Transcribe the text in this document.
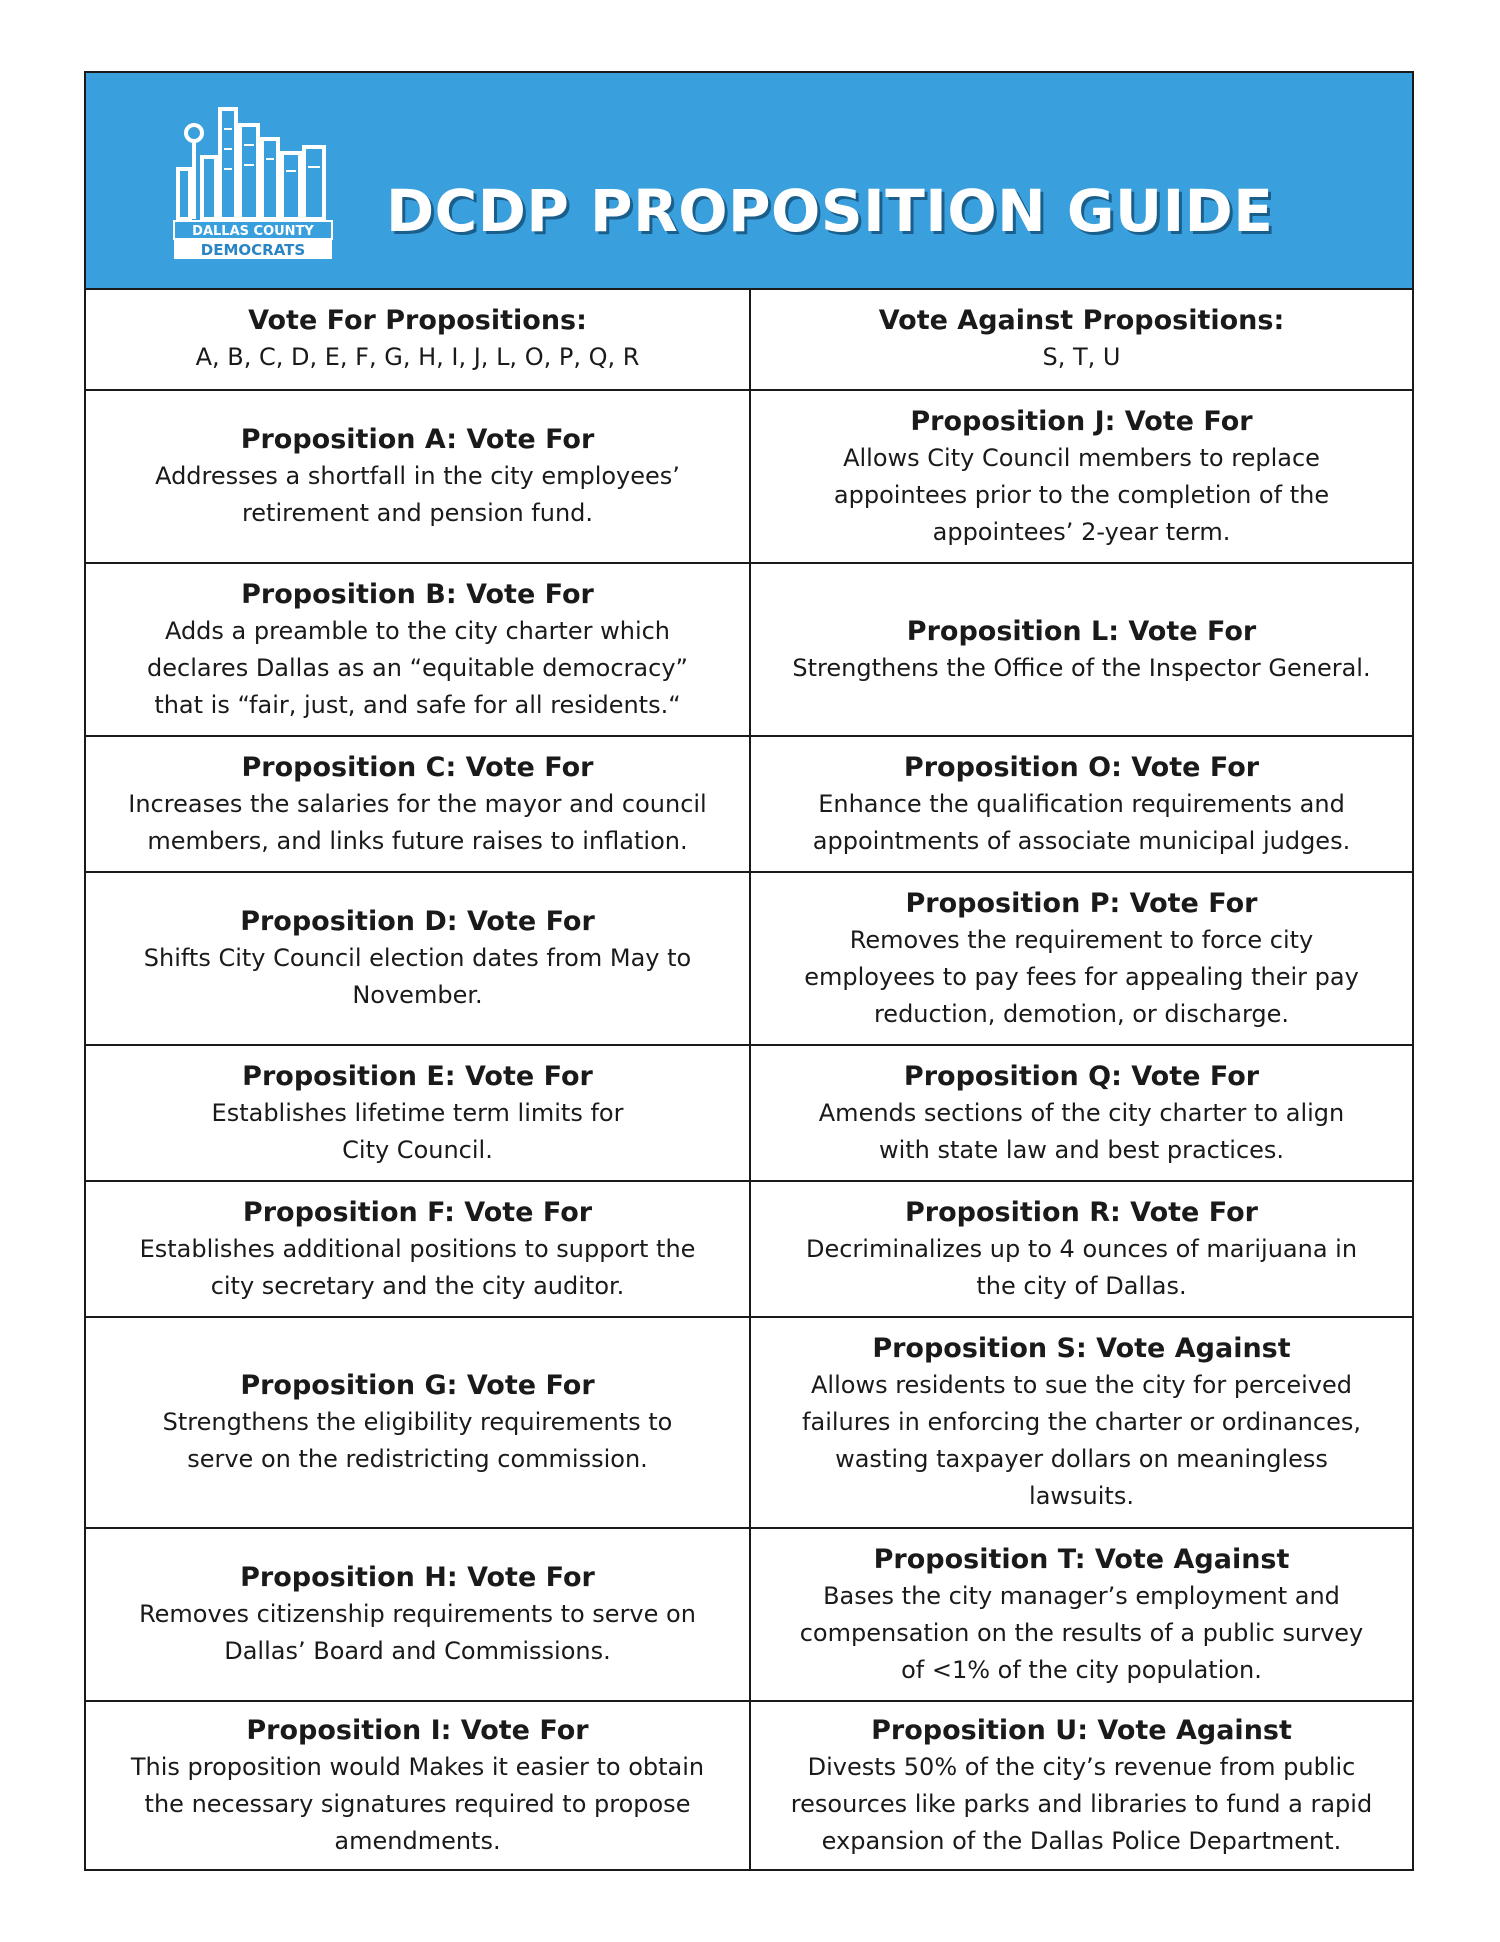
DALLAS COUNTY
DEMOCRATS
DCDP PROPOSITION GUIDE
Vote For Propositions:

A, B, C, D, E, F, G, H, I, J, L, O, P, Q, R

Vote Against Propositions:

S, T, U

Proposition A: Vote For

Addresses a shortfall in the city employees’
retirement and pension fund.

Proposition J: Vote For

Allows City Council members to replace
appointees prior to the completion of the
appointees’ 2-year term.

Proposition B: Vote For

Adds a preamble to the city charter which
declares Dallas as an “equitable democracy”
that is “fair, just, and safe for all residents.“

Proposition L: Vote For

Strengthens the Office of the Inspector General.

Proposition C: Vote For

Increases the salaries for the mayor and council
members, and links future raises to inflation.

Proposition O: Vote For

Enhance the qualification requirements and
appointments of associate municipal judges.

Proposition D: Vote For

Shifts City Council election dates from May to
November.

Proposition P: Vote For

Removes the requirement to force city
employees to pay fees for appealing their pay
reduction, demotion, or discharge.

Proposition E: Vote For

Establishes lifetime term limits for
City Council.

Proposition Q: Vote For

Amends sections of the city charter to align
with state law and best practices.

Proposition F: Vote For

Establishes additional positions to support the
city secretary and the city auditor.

Proposition R: Vote For

Decriminalizes up to 4 ounces of marijuana in
the city of Dallas.

Proposition G: Vote For

Strengthens the eligibility requirements to
serve on the redistricting commission.

Proposition S: Vote Against

Allows residents to sue the city for perceived
failures in enforcing the charter or ordinances,
wasting taxpayer dollars on meaningless
lawsuits.

Proposition H: Vote For

Removes citizenship requirements to serve on
Dallas’ Board and Commissions.

Proposition T: Vote Against

Bases the city manager’s employment and
compensation on the results of a public survey
of <1% of the city population.

Proposition I: Vote For

This proposition would Makes it easier to obtain
the necessary signatures required to propose
amendments.

Proposition U: Vote Against

Divests 50% of the city’s revenue from public
resources like parks and libraries to fund a rapid
expansion of the Dallas Police Department.
